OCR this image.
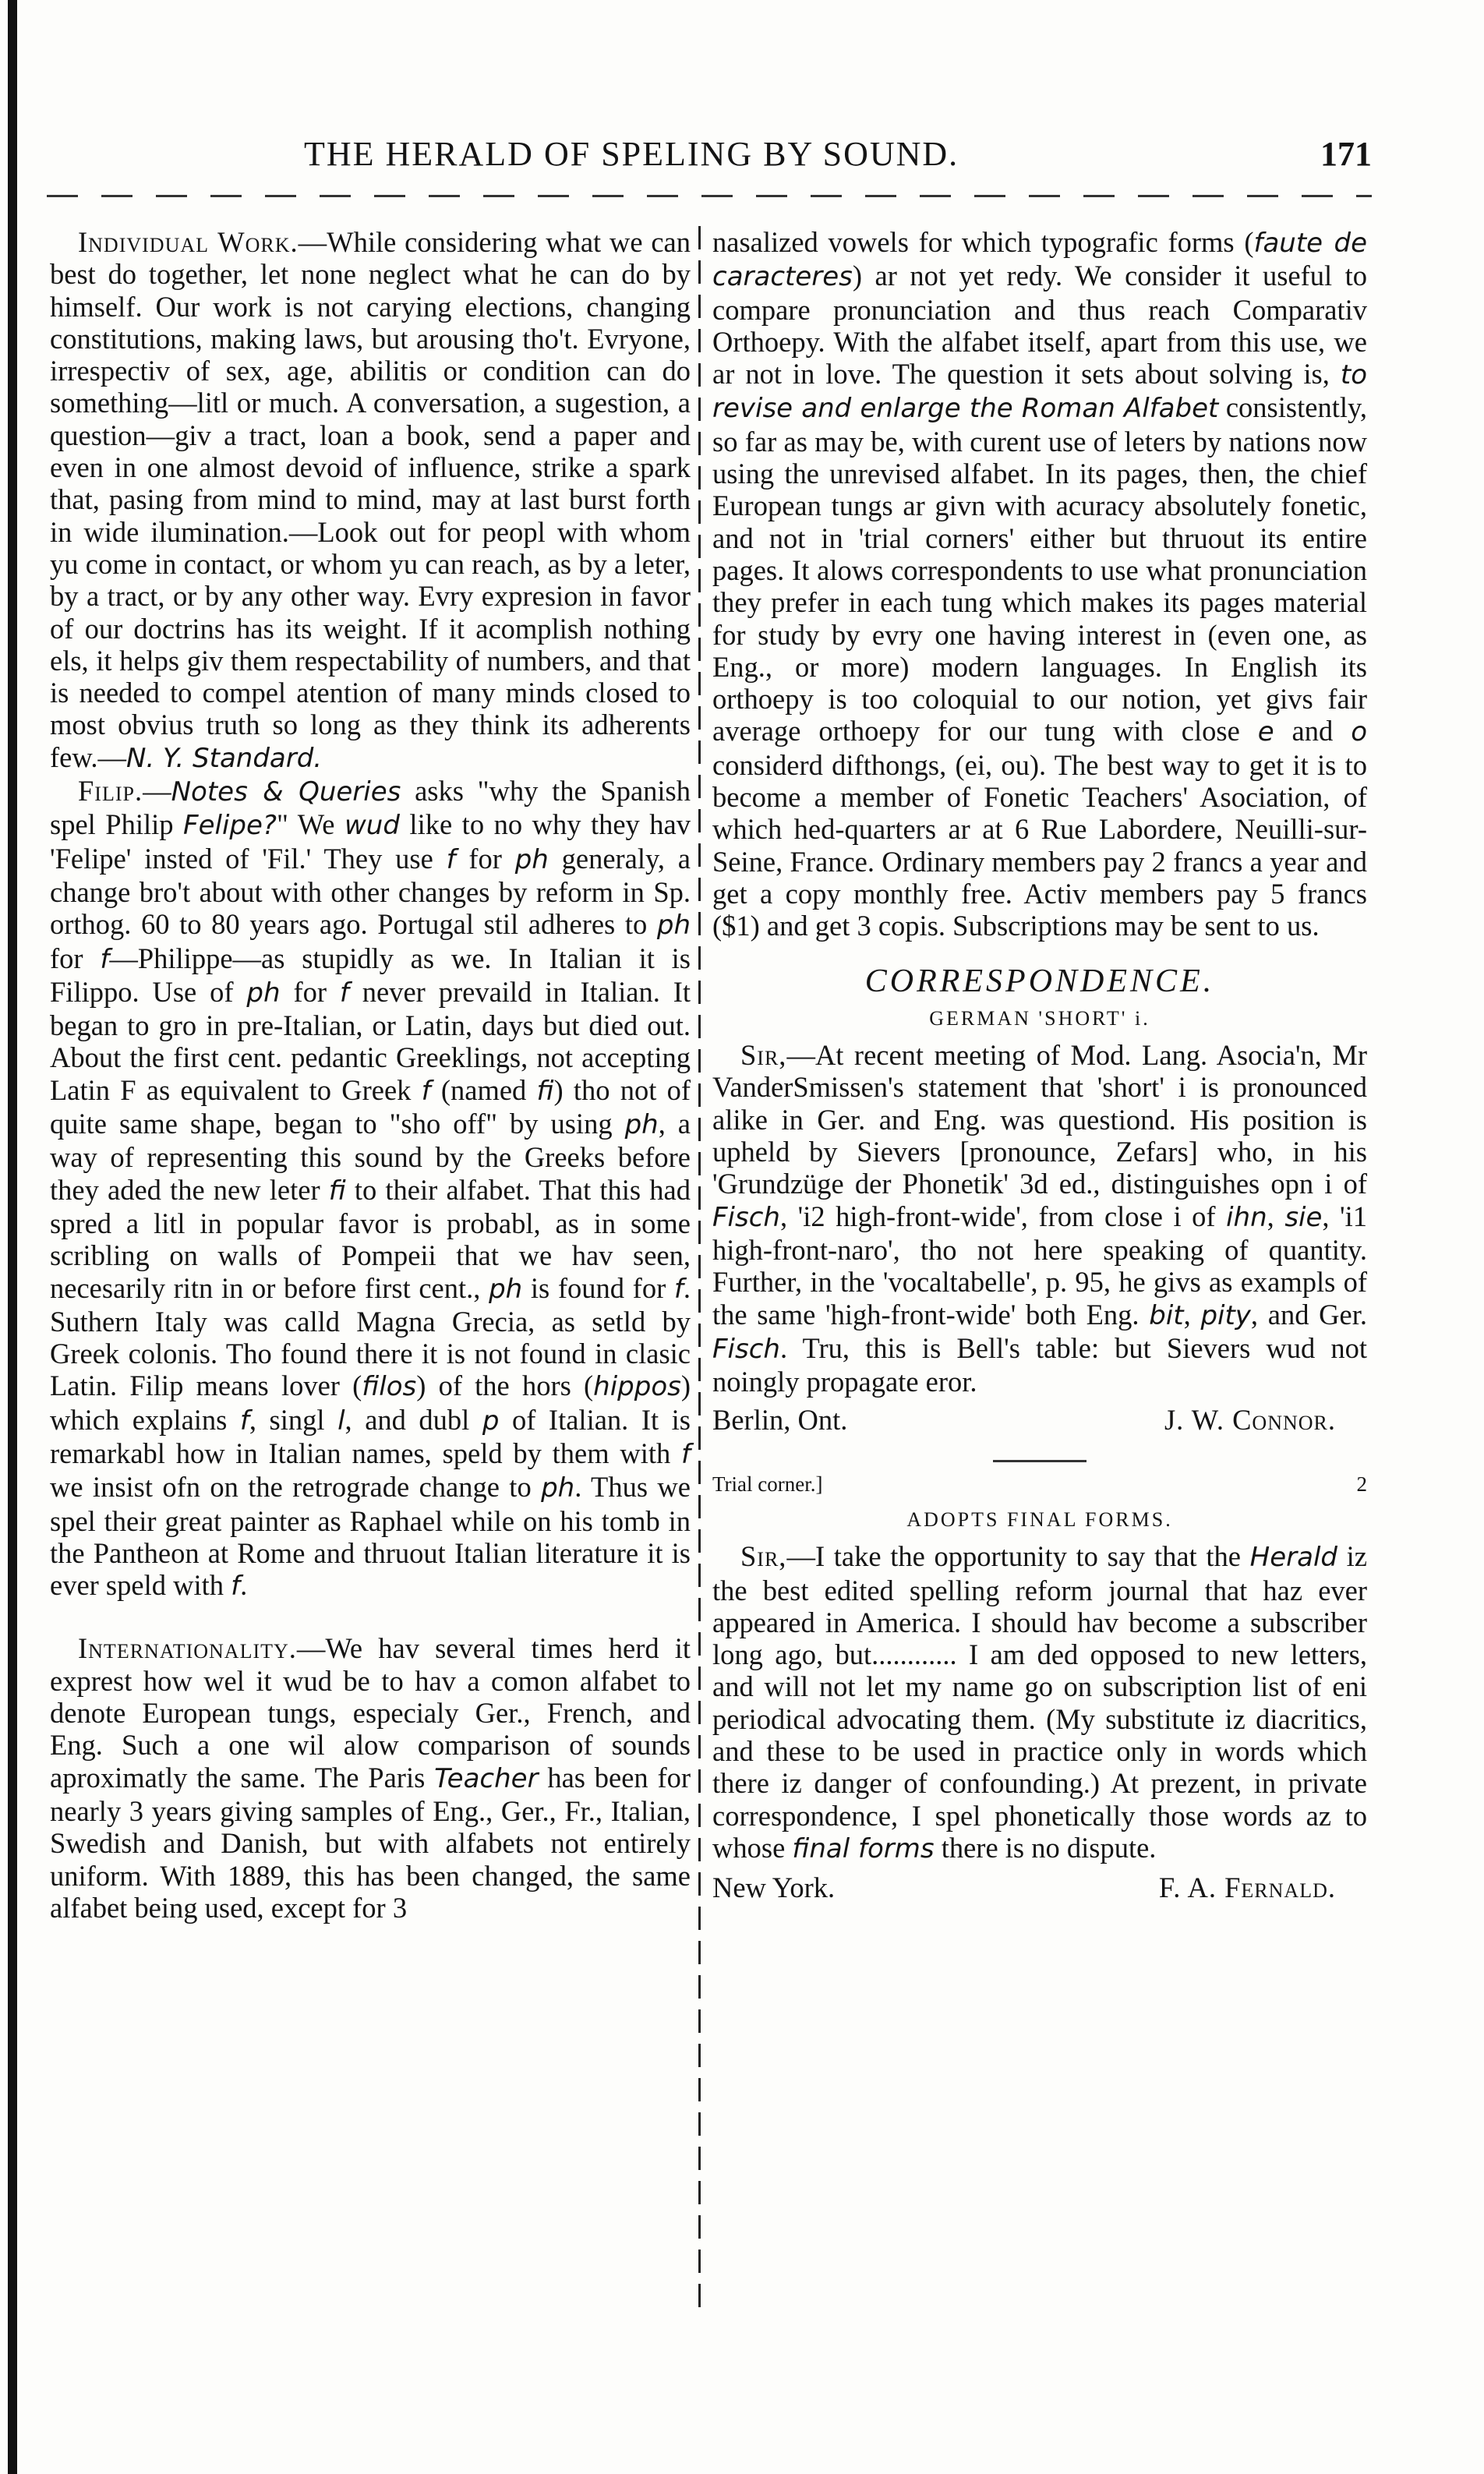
THE HERALD OF SPELING BY SOUND.	171

Individual Work.—While considering what we can best do together, let none neglect what he can do by himself. Our work is not carying elections, changing constitutions, making laws, but arousing tho't. Evryone, irrespectiv of sex, age, abilitis or condition can do something—litl or much. A conversation, a sugestion, a question—giv a tract, loan a book, send a paper and even in one almost devoid of influence, strike a spark that, pasing from mind to mind, may at last burst forth in wide ilumination.—Look out for peopl with whom yu come in contact, or whom yu can reach, as by a leter, by a tract, or by any other way. Evry expresion in favor of our doctrins has its weight. If it acomplish nothing els, it helps giv them respectability of numbers, and that is needed to compel atention of many minds closed to most obvius truth so long as they think its adherents few.—N. Y. Standard.

Filip.—Notes & Queries asks "why the Spanish spel Philip Felipe?" We wud like to no why they hav 'Felipe' insted of 'Fil.' They use f for ph generaly, a change bro't about with other changes by reform in Sp. orthog. 60 to 80 years ago. Portugal stil adheres to ph for f—Philippe—as stupidly as we. In Italian it is Filippo. Use of ph for f never prevaild in Italian. It began to gro in pre-Italian, or Latin, days but died out. About the first cent. pedantic Greeklings, not accepting Latin F as equivalent to Greek f (named fi) tho not of quite same shape, began to "sho off" by using ph, a way of representing this sound by the Greeks before they aded the new leter fi to their alfabet. That this had spred a litl in popular favor is probabl, as in some scribling on walls of Pompeii that we hav seen, necesarily ritn in or before first cent., ph is found for f. Suthern Italy was calld Magna Grecia, as setld by Greek colonis. Tho found there it is not found in clasic Latin. Filip means lover (filos) of the hors (hippos) which explains f, singl l, and dubl p of Italian. It is remarkabl how in Italian names, speld by them with f we insist ofn on the retrograde change to ph. Thus we spel their great painter as Raphael while on his tomb in the Pantheon at Rome and thruout Italian literature it is ever speld with f.

Internationality.—We hav several times herd it exprest how wel it wud be to hav a comon alfabet to denote European tungs, especialy Ger., French, and Eng. Such a one wil alow comparison of sounds aproximatly the same. The Paris Teacher has been for nearly 3 years giving samples of Eng., Ger., Fr., Italian, Swedish and Danish, but with alfabets not entirely uniform. With 1889, this has been changed, the same alfabet being used, except for 3

nasalized vowels for which typografic forms (faute de caracteres) ar not yet redy. We consider it useful to compare pronunciation and thus reach Comparativ Orthoepy. With the alfabet itself, apart from this use, we ar not in love. The question it sets about solving is, to revise and enlarge the Roman Alfabet consistently, so far as may be, with curent use of leters by nations now using the unrevised alfabet. In its pages, then, the chief European tungs ar givn with acuracy absolutely fonetic, and not in 'trial corners' either but thruout its entire pages. It alows correspondents to use what pronunciation they prefer in each tung which makes its pages material for study by evry one having interest in (even one, as Eng., or more) modern languages. In English its orthoepy is too coloquial to our notion, yet givs fair average orthoepy for our tung with close e and o considerd difthongs, (ei, ou). The best way to get it is to become a member of Fonetic Teachers' Asociation, of which hed-quarters ar at 6 Rue Labordere, Neuilli-sur-Seine, France. Ordinary members pay 2 francs a year and get a copy monthly free. Activ members pay 5 francs ($1) and get 3 copis. Subscriptions may be sent to us.

CORRESPONDENCE.
GERMAN 'SHORT' i.

Sir,—At recent meeting of Mod. Lang. Asocia'n, Mr VanderSmissen's statement that 'short' i is pronounced alike in Ger. and Eng. was questiond. His position is upheld by Sievers [pronounce, Zefars] who, in his 'Grundzüge der Phonetik' 3d ed., distinguishes opn i of Fisch, 'i2 high-front-wide', from close i of ihn, sie, 'i1 high-front-naro', tho not here speaking of quantity. Further, in the 'vocaltabelle', p. 95, he givs as exampls of the same 'high-front-wide' both Eng. bit, pity, and Ger. Fisch. Tru, this is Bell's table: but Sievers wud not noingly propagate eror.

Berlin, Ont.	J. W. Connor.
Trial corner.]	2
ADOPTS FINAL FORMS.

Sir,—I take the opportunity to say that the Herald iz the best edited spelling reform journal that haz ever appeared in America. I should hav become a subscriber long ago, but............ I am ded opposed to new letters, and will not let my name go on subscription list of eni periodical advocating them. (My substitute iz diacritics, and these to be used in practice only in words which there iz danger of confounding.) At prezent, in private correspondence, I spel phonetically those words az to whose final forms there is no dispute.

New York.	F. A. Fernald.
